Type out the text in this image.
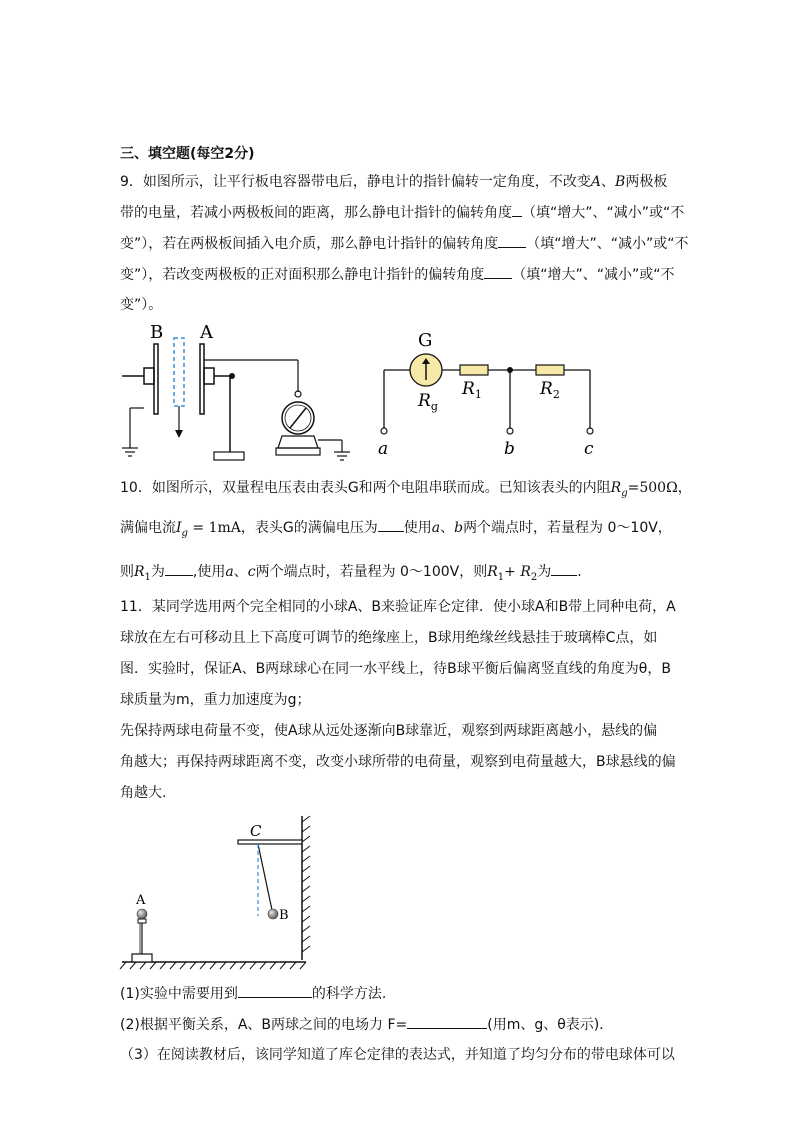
三、填空题(每空2分)
9．如图所示，让平行板电容器带电后，静电计的指针偏转一定角度，不改变A、B两极板
带的电量，若减小两极板间的距离，那么静电计指针的偏转角度 （填“增大”、“减小”或“不
变”），若在两极板间插入电介质，那么静电计指针的偏转角度 （填“增大”、“减小”或“不
变”），若改变两极板的正对面积那么静电计指针的偏转角度 （填“增大”、“减小”或“不
变”）。
B A	G
$R_g$
$R_1$	$R_2$
a	b	c
10．如图所示，双量程电压表由表头G和两个电阻串联而成。已知该表头的内阻$R_g=500\Omega$，
满偏电流$I_g = 1mA$，表头G的满偏电压为 使用a、b两个端点时，若量程为 0～10V，
则$R_1$为 ,使用a、c两个端点时，若量程为 0～100V，则$R_1+ R_2$为 .
11．某同学选用两个完全相同的小球A、B来验证库仑定律．使小球A和B带上同种电荷，A
球放在左右可移动且上下高度可调节的绝缘座上，B球用绝缘丝线悬挂于玻璃棒C点，如
图．实验时，保证A、B两球球心在同一水平线上，待B球平衡后偏离竖直线的角度为θ，B
球质量为m，重力加速度为g；
先保持两球电荷量不变，使A球从远处逐渐向B球靠近，观察到两球距离越小，悬线的偏
角越大；再保持两球距离不变，改变小球所带的电荷量，观察到电荷量越大，B球悬线的偏
角越大.
C
B
A
(1)实验中需要用到	的科学方法.
(2)根据平衡关系，A、B两球之间的电场力 F=	(用m、g、θ表示)．
（3）在阅读教材后，该同学知道了库仑定律的表达式，并知道了均匀分布的带电球体可以
